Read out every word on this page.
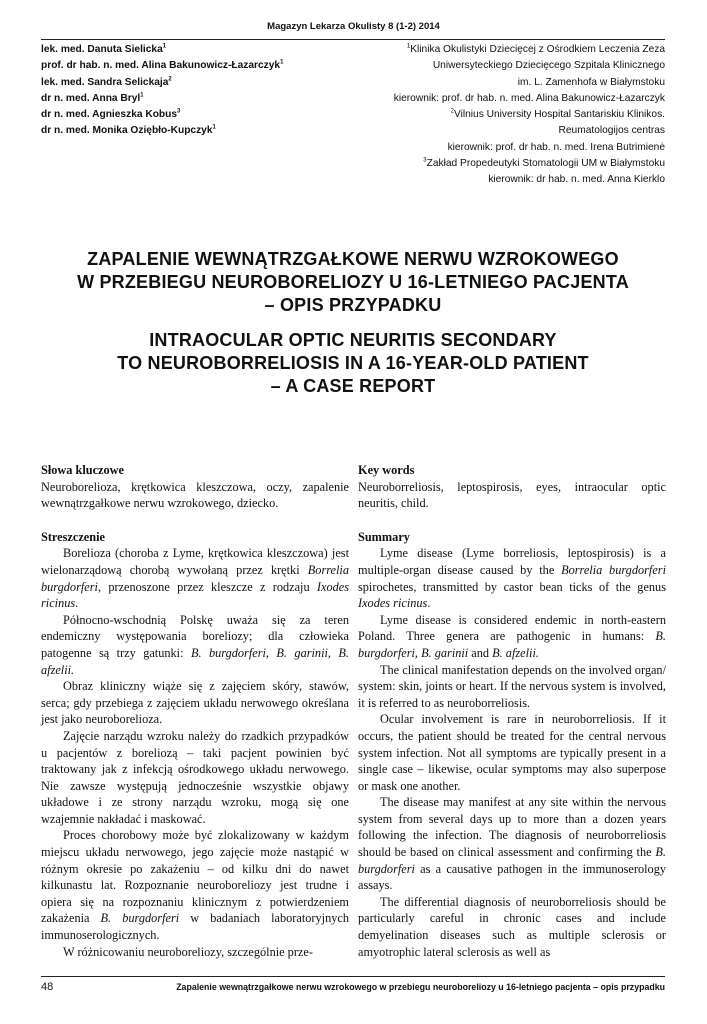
Magazyn Lekarza Okulisty 8 (1-2) 2014
lek. med. Danuta Sielicka$^1$
prof. dr hab. n. med. Alina Bakunowicz-Łazarczyk$^1$
lek. med. Sandra Selickaja$^2$
dr n. med. Anna Bryl$^1$
dr n. med. Agnieszka Kobus$^3$
dr n. med. Monika Oziębło-Kupczyk$^1$
$^1$Klinika Okulistyki Dziecięcej z Ośrodkiem Leczenia Zeza
Uniwersyteckiego Dziecięcego Szpitala Klinicznego
im. L. Zamenhofa w Białymstoku
kierownik: prof. dr hab. n. med. Alina Bakunowicz-Łazarczyk
$^2$Vilnius University Hospital Santariskiu Klinikos.
Reumatologijos centras
kierownik: prof. dr hab. n. med. Irena Butrimienė
$^3$Zakład Propedeutyki Stomatologii UM w Białymstoku
kierownik: dr hab. n. med. Anna Kierklo
ZAPALENIE WEWNĄTRZGAŁKOWE NERWU WZROKOWEGO
W PRZEBIEGU NEUROBORELIOZY U 16-LETNIEGO PACJENTA
– OPIS PRZYPADKU
INTRAOCULAR OPTIC NEURITIS SECONDARY
TO NEUROBORRELIOSIS IN A 16-YEAR-OLD PATIENT
– A CASE REPORT
Słowa kluczowe
Neuroborelioza, krętkowica kleszczowa, oczy, zapalenie wewnątrzgałkowe nerwu wzrokowego, dziecko.
Streszczenie
Borelioza (choroba z Lyme, krętkowica kleszczowa) jest wielonarządową chorobą wywołaną przez krętki Borrelia burgdorferi, przenoszone przez kleszcze z rodzaju Ixodes ricinus.
Północno-wschodnią Polskę uważa się za teren endemiczny występowania boreliozy; dla człowieka patogenne są trzy gatunki: B. burgdorferi, B. garinii, B. afzelii.
Obraz kliniczny wiąże się z zajęciem skóry, stawów, serca; gdy przebiega z zajęciem układu nerwowego określana jest jako neuroborelioza.
Zajęcie narządu wzroku należy do rzadkich przypadków u pacjentów z boreliozą – taki pacjent powinien być traktowany jak z infekcją ośrodkowego układu nerwowego. Nie zawsze występują jednocześnie wszystkie objawy układowe i ze strony narządu wzroku, mogą się one wzajemnie nakładać i maskować.
Proces chorobowy może być zlokalizowany w każdym miejscu układu nerwowego, jego zajęcie może nastąpić w różnym okresie po zakażeniu – od kilku dni do nawet kilkunastu lat. Rozpoznanie neuroboreliozy jest trudne i opiera się na rozpoznaniu klinicznym z potwierdzeniem zakażenia B. burgdorferi w badaniach laboratoryjnych immunoserologicznych.
W różnicowaniu neuroboreliozy, szczególnie prze-
Key words
Neuroborreliosis, leptospirosis, eyes, intraocular optic neuritis, child.
Summary
Lyme disease (Lyme borreliosis, leptospirosis) is a multiple-organ disease caused by the Borrelia burgdorferi spirochetes, transmitted by castor bean ticks of the genus Ixodes ricinus.
Lyme disease is considered endemic in north-eastern Poland. Three genera are pathogenic in humans: B. burgdorferi, B. garinii and B. afzelii.
The clinical manifestation depends on the involved organ/ system: skin, joints or heart. If the nervous system is involved, it is referred to as neuroborreliosis.
Ocular involvement is rare in neuroborreliosis. If it occurs, the patient should be treated for the central nervous system infection. Not all symptoms are typically present in a single case – likewise, ocular symptoms may also superpose or mask one another.
The disease may manifest at any site within the nervous system from several days up to more than a dozen years following the infection. The diagnosis of neuroborreliosis should be based on clinical assessment and confirming the B. burgdorferi as a causative pathogen in the immunoserology assays.
The differential diagnosis of neuroborreliosis should be particularly careful in chronic cases and include demyelination diseases such as multiple sclerosis or amyotrophic lateral sclerosis as well as
48	Zapalenie wewnątrzgałkowe nerwu wzrokowego w przebiegu neuroboreliozy u 16-letniego pacjenta – opis przypadku
